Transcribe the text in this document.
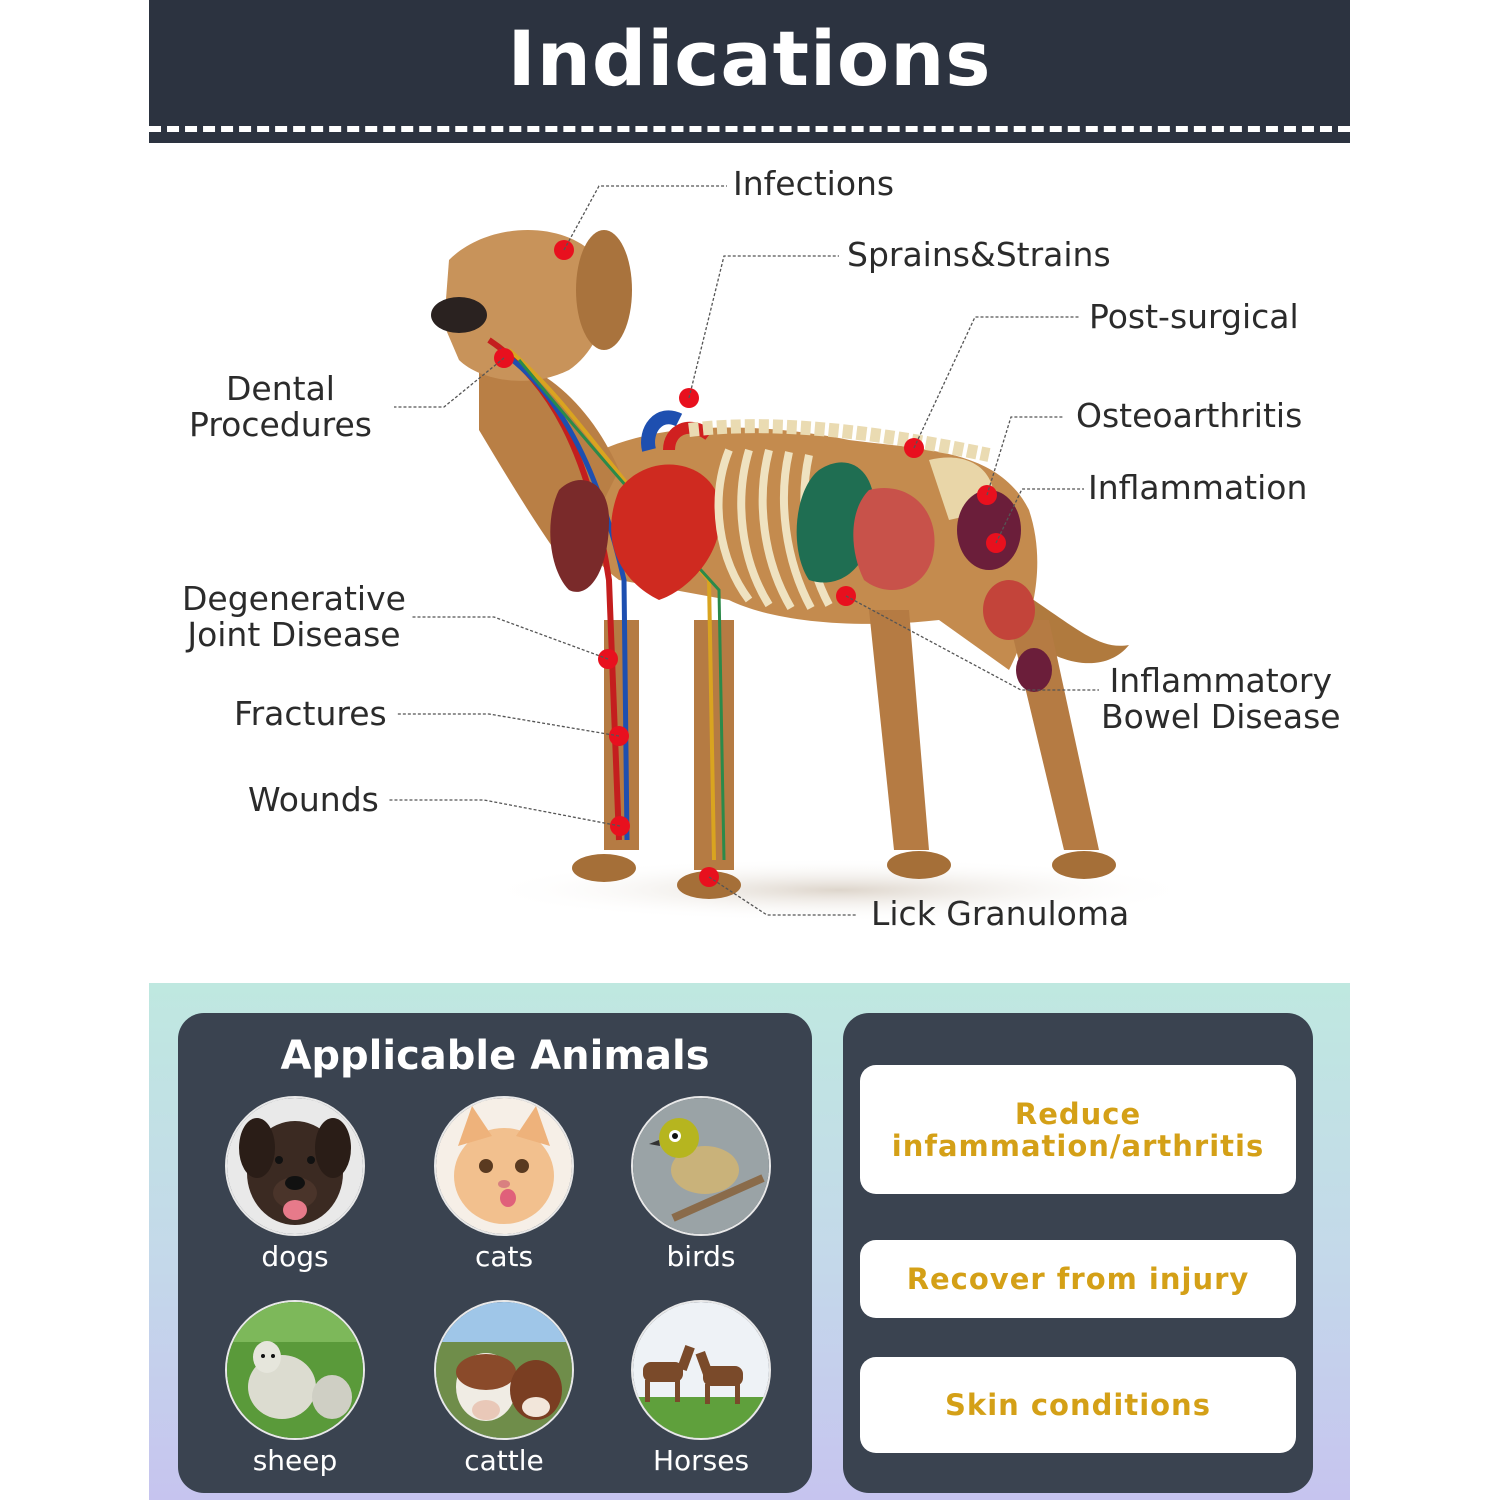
Indications
Infections
Sprains&Strains
Post-surgical
Osteoarthritis
Inflammation
Inflammatory
Bowel Disease
Lick Granuloma
Dental
Procedures
Degenerative
Joint Disease
Fractures
Wounds
Applicable Animals
dogs	cats	birds
sheep	cattle	Horses
Reduce
infammation/arthritis
Recover from injury
Skin conditions
